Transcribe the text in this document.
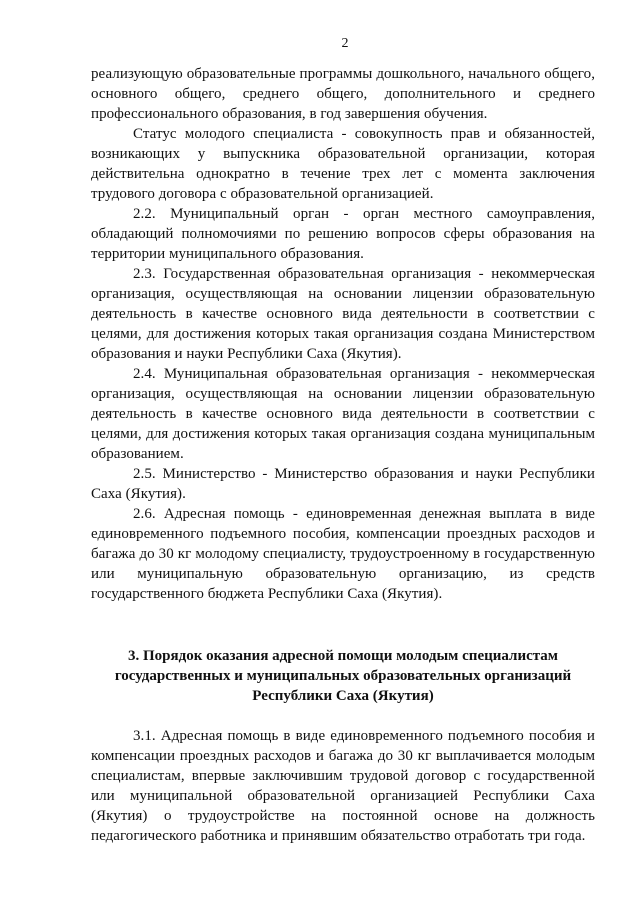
2

реализующую образовательные программы дошкольного, начального общего, основного общего, среднего общего, дополнительного и среднего профессионального образования, в год завершения обучения.

Статус молодого специалиста - совокупность прав и обязанностей, возникающих у выпускника образовательной организации, которая действительна однократно в течение трех лет с момента заключения трудового договора с образовательной организацией.

2.2. Муниципальный орган - орган местного самоуправления, обладающий полномочиями по решению вопросов сферы образования на территории муниципального образования.

2.3. Государственная образовательная организация - некоммерческая организация, осуществляющая на основании лицензии образовательную деятельность в качестве основного вида деятельности в соответствии с целями, для достижения которых такая организация создана Министерством образования и науки Республики Саха (Якутия).

2.4. Муниципальная образовательная организация - некоммерческая организация, осуществляющая на основании лицензии образовательную деятельность в качестве основного вида деятельности в соответствии с целями, для достижения которых такая организация создана муниципальным образованием.

2.5. Министерство - Министерство образования и науки Республики Саха (Якутия).

2.6. Адресная помощь - единовременная денежная выплата в виде единовременного подъемного пособия, компенсации проездных расходов и багажа до 30 кг молодому специалисту, трудоустроенному в государственную или муниципальную образовательную организацию, из средств государственного бюджета Республики Саха (Якутия).

3. Порядок оказания адресной помощи молодым специалистам
государственных и муниципальных образовательных организаций
Республики Саха (Якутия)

3.1. Адресная помощь в виде единовременного подъемного пособия и компенсации проездных расходов и багажа до 30 кг выплачивается молодым специалистам, впервые заключившим трудовой договор с государственной или муниципальной образовательной организацией Республики Саха (Якутия) о трудоустройстве на постоянной основе на должность педагогического работника и принявшим обязательство отработать три года.
